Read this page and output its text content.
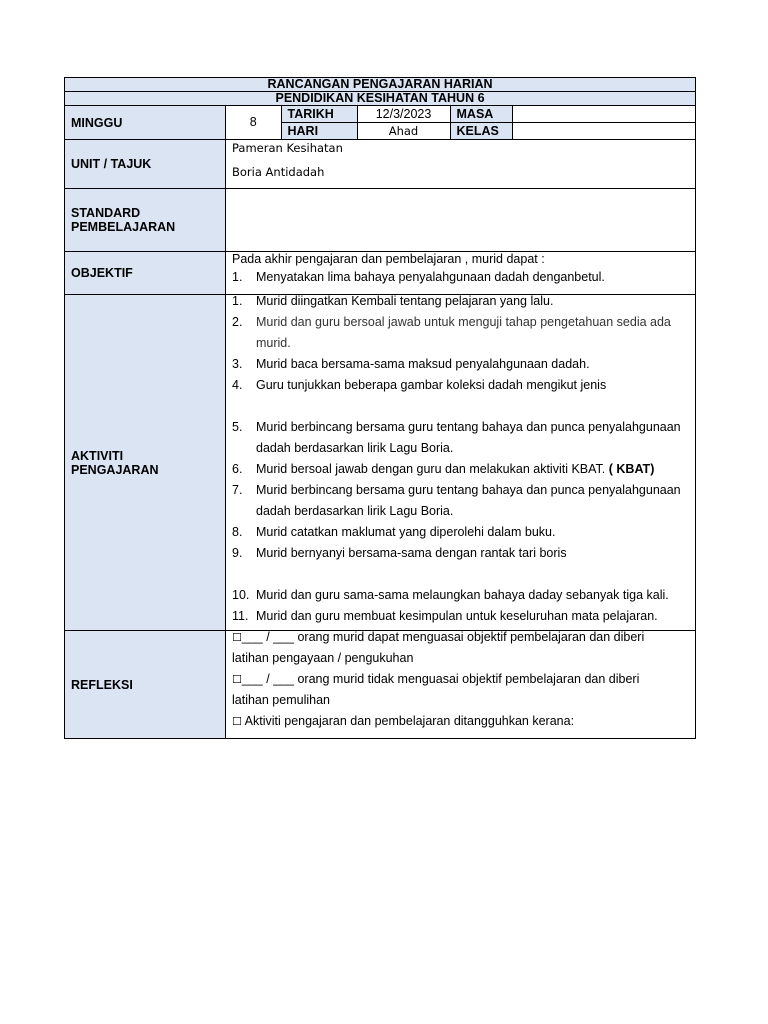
RANCANGAN PENGAJARAN HARIAN
PENDIDIKAN KESIHATAN TAHUN 6
MINGGU		8	TARIKH	12/3/2023	MASA	
HARI	Ahad	KELAS	

UNIT / TAJUK	
Pameran Kesihatan
Boria Antidadah

STANDARD
PEMBELAJARAN	
OBJEKTIF	
Pada akhir pengajaran dan pembelajaran , murid dapat :
1.	Menyatakan lima bahaya penyalahgunaan dadah denganbetul.

AKTIVITI
PENGAJARAN	
1.	Murid diingatkan Kembali tentang pelajaran yang lalu.
2.	Murid dan guru bersoal jawab untuk menguji tahap pengetahuan sedia ada murid.
3.	Murid baca bersama-sama maksud penyalahgunaan dadah.
4.	Guru tunjukkan beberapa gambar koleksi dadah mengikut jenis
5.	Murid berbincang bersama guru tentang bahaya dan punca penyalahgunaan dadah berdasarkan lirik Lagu Boria.
6.	Murid bersoal jawab dengan guru dan melakukan aktiviti KBAT. ( KBAT)
7.	Murid berbincang bersama guru tentang bahaya dan punca penyalahgunaan dadah berdasarkan lirik Lagu Boria.
8.	Murid catatkan maklumat yang diperolehi dalam buku.
9.	Murid bernyanyi bersama-sama dengan rantak tari boris
10. Murid dan guru sama-sama melaungkan bahaya daday sebanyak tiga kali.
11. Murid dan guru membuat kesimpulan untuk keseluruhan mata pelajaran.

REFLEKSI	
☐___ / ___ orang murid dapat menguasai objektif pembelajaran dan diberi
latihan pengayaan / pengukuhan
☐___ / ___ orang murid tidak menguasai objektif pembelajaran dan diberi
latihan pemulihan
☐ Aktiviti pengajaran dan pembelajaran ditangguhkan kerana:
